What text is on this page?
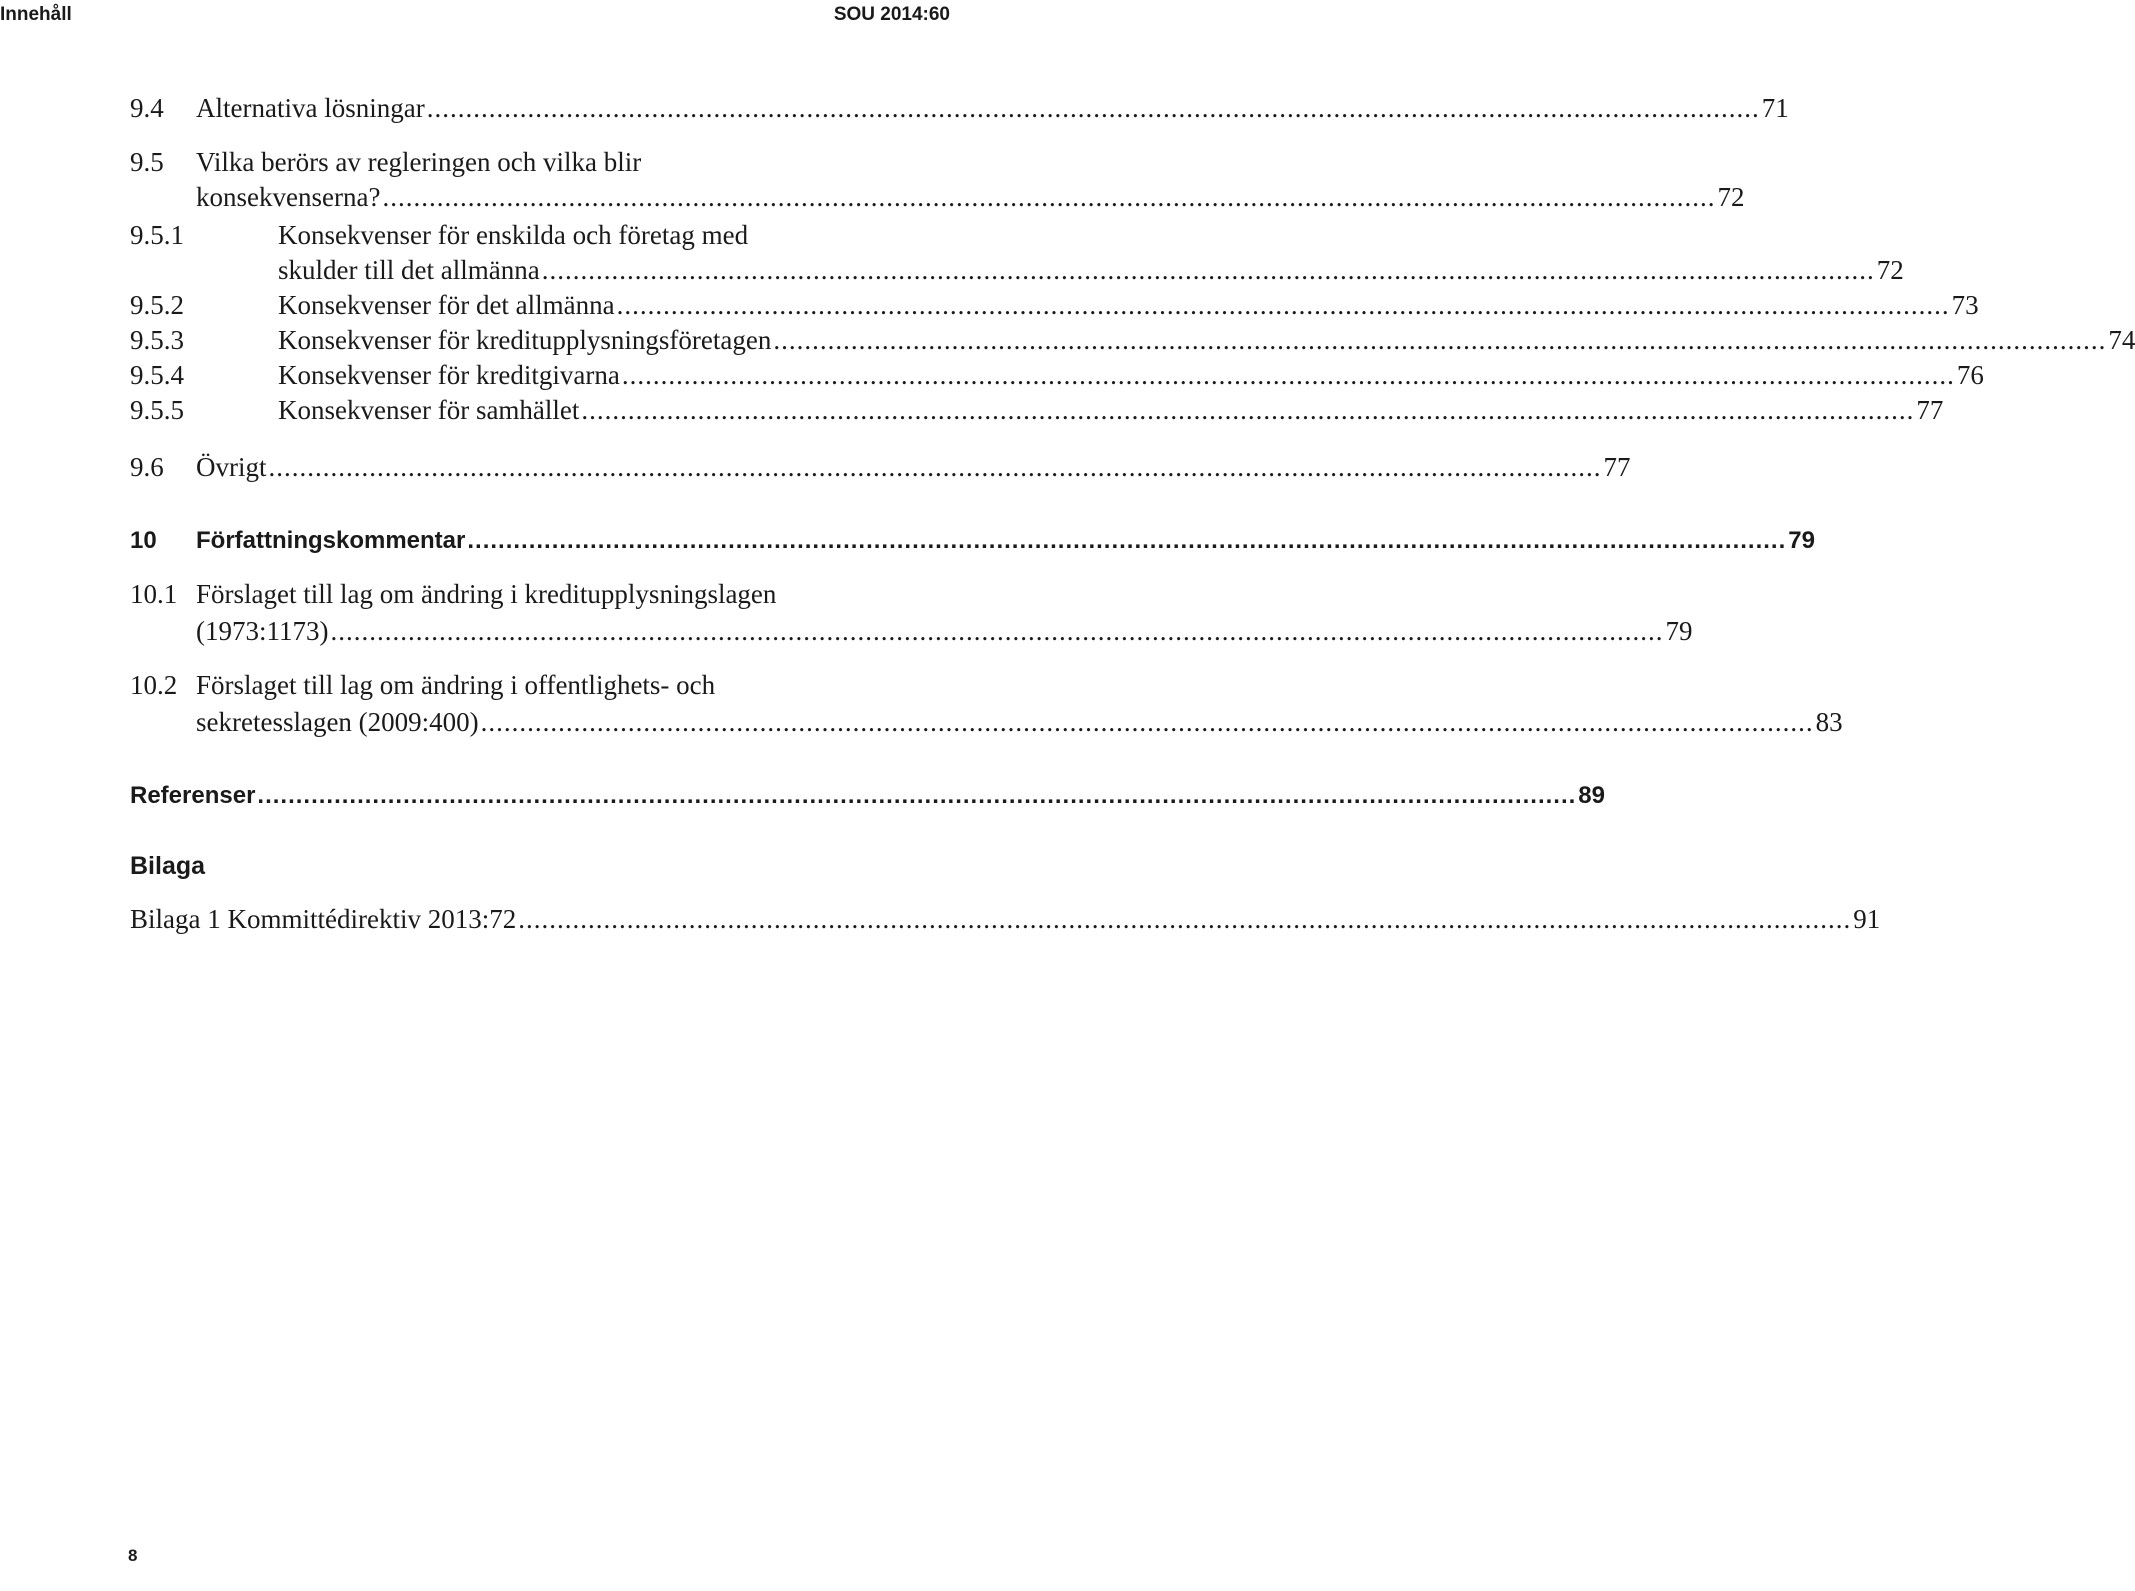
Innehåll	SOU 2014:60
9.4 Alternativa lösningar ............................................................................................................................................................................ 71
9.5 Vilka berörs av regleringen och vilka blir
konsekvenserna? ............................................................................................................................................................................ 72
9.5.1	Konsekvenser för enskilda och företag med
skulder till det allmänna ............................................................................................................................................................................ 72
9.5.2	Konsekvenser för det allmänna ............................................................................................................................................................................ 73
9.5.3	Konsekvenser för kreditupplysningsföretagen ............................................................................................................................................................................ 74
9.5.4	Konsekvenser för kreditgivarna ............................................................................................................................................................................ 76
9.5.5	Konsekvenser för samhället ............................................................................................................................................................................ 77
9.6 Övrigt ............................................................................................................................................................................ 77
10 Författningskommentar ............................................................................................................................................................................ 79
10.1 Förslaget till lag om ändring i kreditupplysningslagen
(1973:1173) ............................................................................................................................................................................ 79
10.2 Förslaget till lag om ändring i offentlighets- och
sekretesslagen (2009:400) ............................................................................................................................................................................ 83
Referenser ............................................................................................................................................................................ 89
Bilaga
Bilaga 1 Kommittédirektiv 2013:72 ............................................................................................................................................................................ 91
8
